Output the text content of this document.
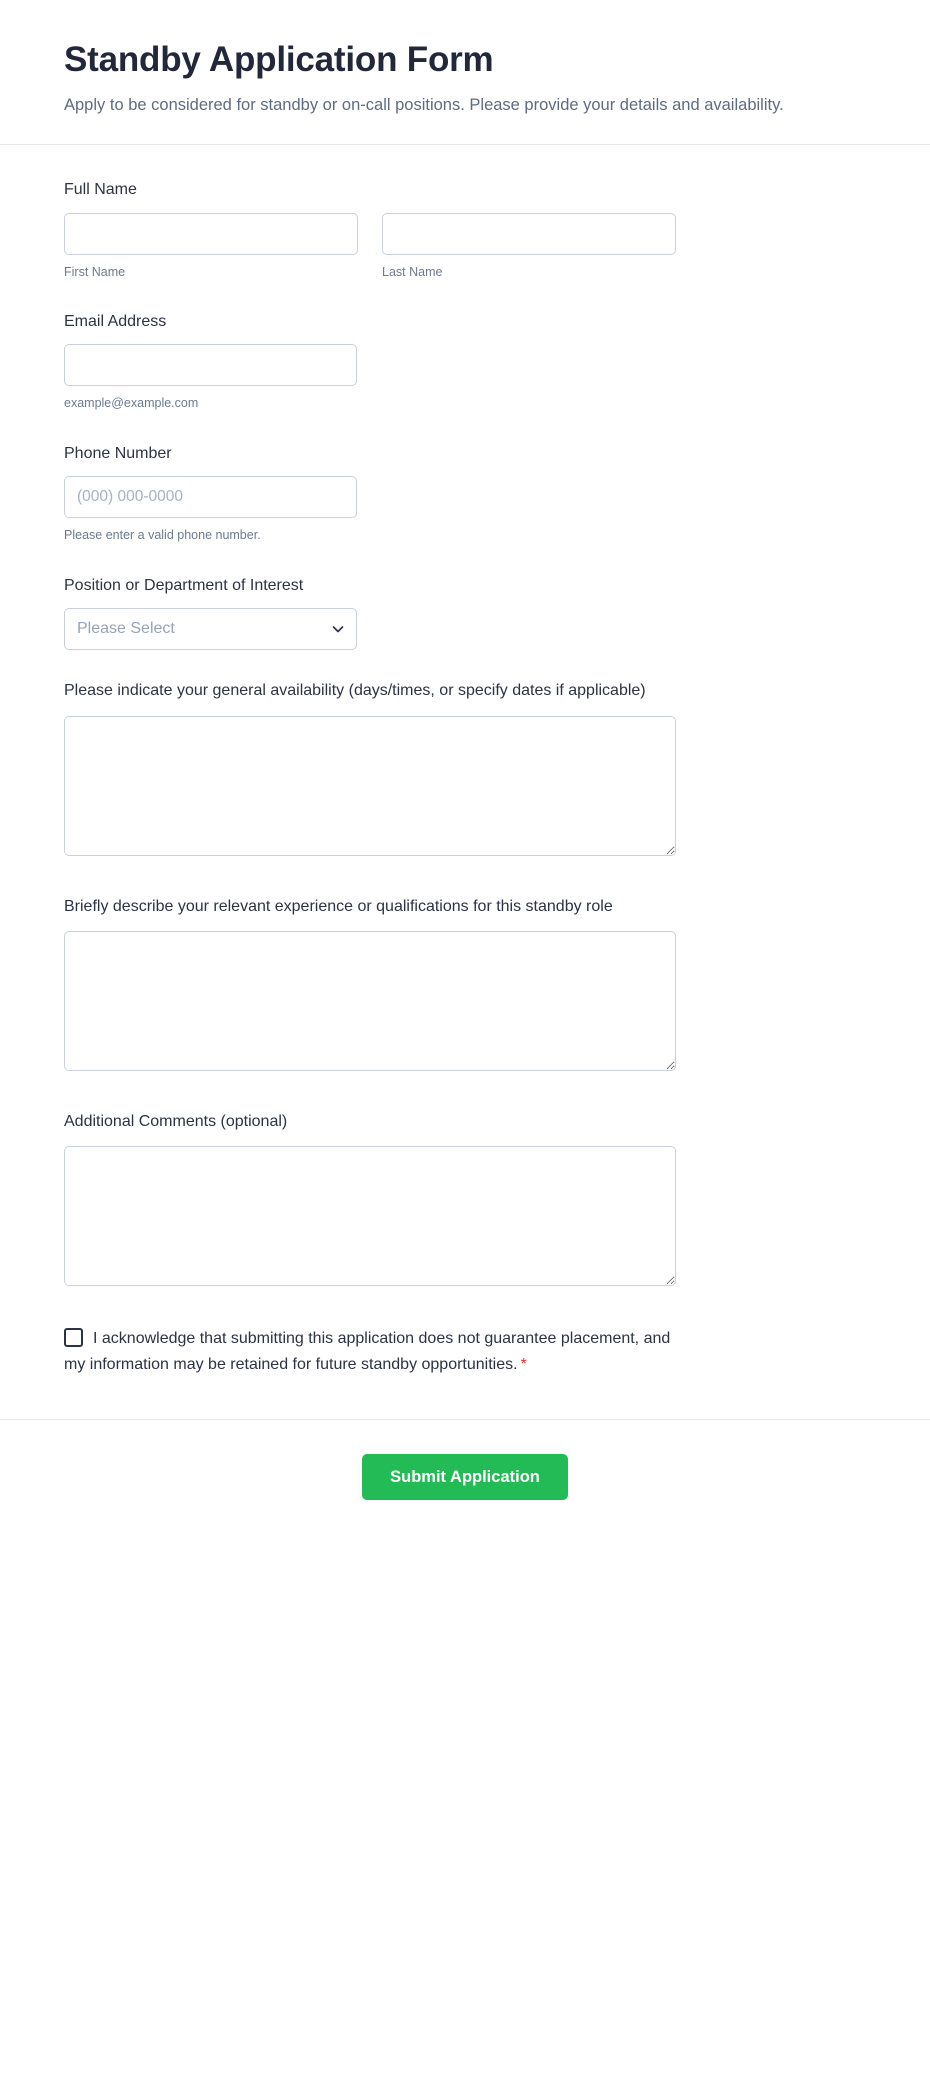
Standby Application Form

Apply to be considered for standby or on-call positions. Please provide your details and availability.

Full Name
First Name	Last Name
Email Address
example@example.com
Phone Number
(000) 000-0000
Please enter a valid phone number.
Position or Department of Interest
Please Select
Please indicate your general availability (days/times, or specify dates if applicable)
Briefly describe your relevant experience or qualifications for this standby role
Additional Comments (optional)
I acknowledge that submitting this application does not guarantee placement, and my information may be retained for future standby opportunities. *
Submit Application
